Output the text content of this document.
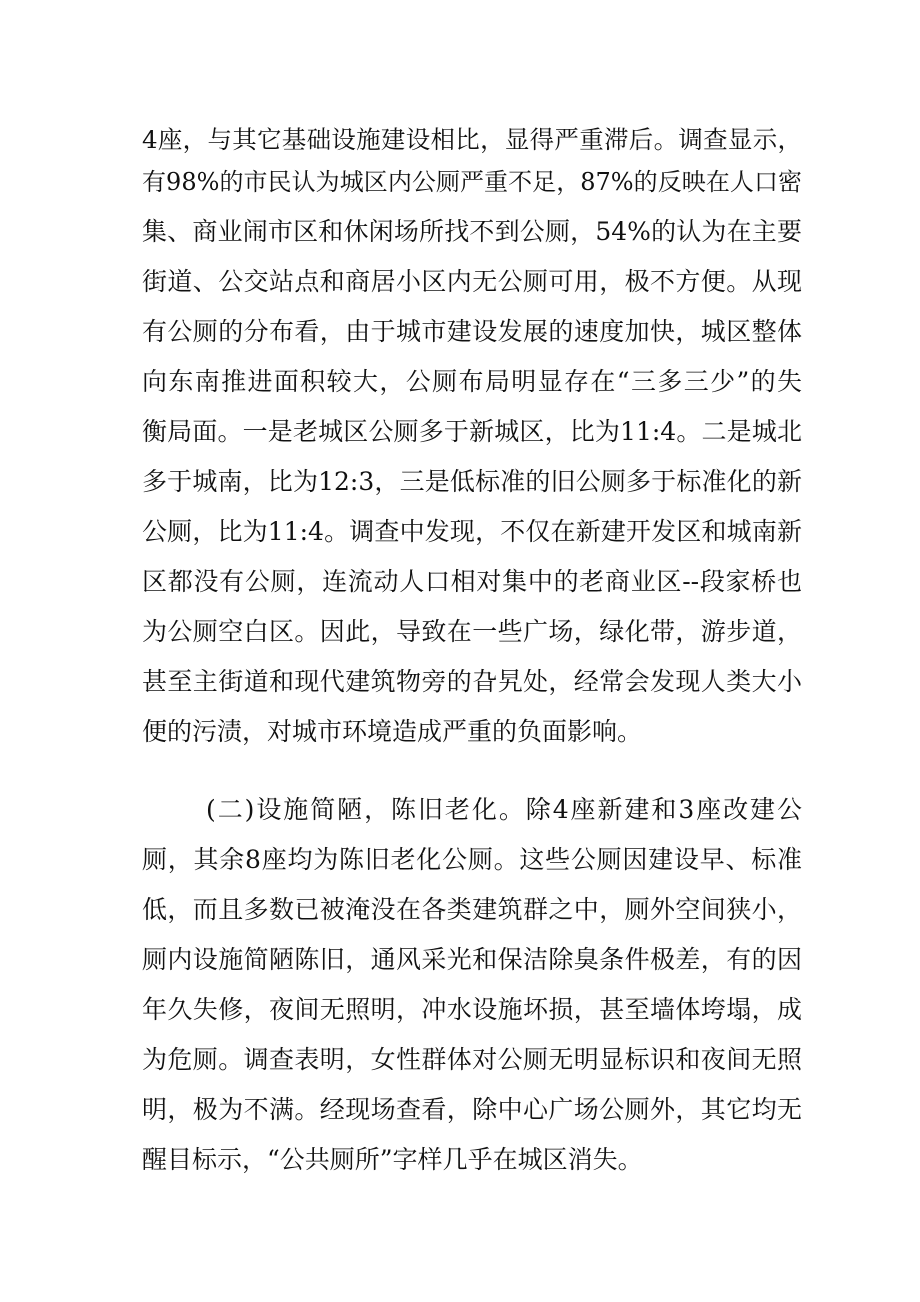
4座，与其它基础设施建设相比，显得严重滞后。调查显示，
有98%的市民认为城区内公厕严重不足，87%的反映在人口密
集、商业闹市区和休闲场所找不到公厕，54%的认为在主要
街道、公交站点和商居小区内无公厕可用，极不方便。从现
有公厕的分布看，由于城市建设发展的速度加快，城区整体
向东南推进面积较大，公厕布局明显存在“三多三少”的失
衡局面。一是老城区公厕多于新城区，比为11:4。二是城北
多于城南，比为12:3，三是低标准的旧公厕多于标准化的新
公厕，比为11:4。调查中发现，不仅在新建开发区和城南新
区都没有公厕，连流动人口相对集中的老商业区--段家桥也
为公厕空白区。因此，导致在一些广场，绿化带，游步道，
甚至主街道和现代建筑物旁的旮旯处，经常会发现人类大小
便的污渍，对城市环境造成严重的负面影响。
(二)设施简陋，陈旧老化。除4座新建和3座改建公
厕，其余8座均为陈旧老化公厕。这些公厕因建设早、标准
低，而且多数已被淹没在各类建筑群之中，厕外空间狭小，
厕内设施简陋陈旧，通风采光和保洁除臭条件极差，有的因
年久失修，夜间无照明，冲水设施坏损，甚至墙体垮塌，成
为危厕。调查表明，女性群体对公厕无明显标识和夜间无照
明，极为不满。经现场查看，除中心广场公厕外，其它均无
醒目标示，“公共厕所”字样几乎在城区消失。
